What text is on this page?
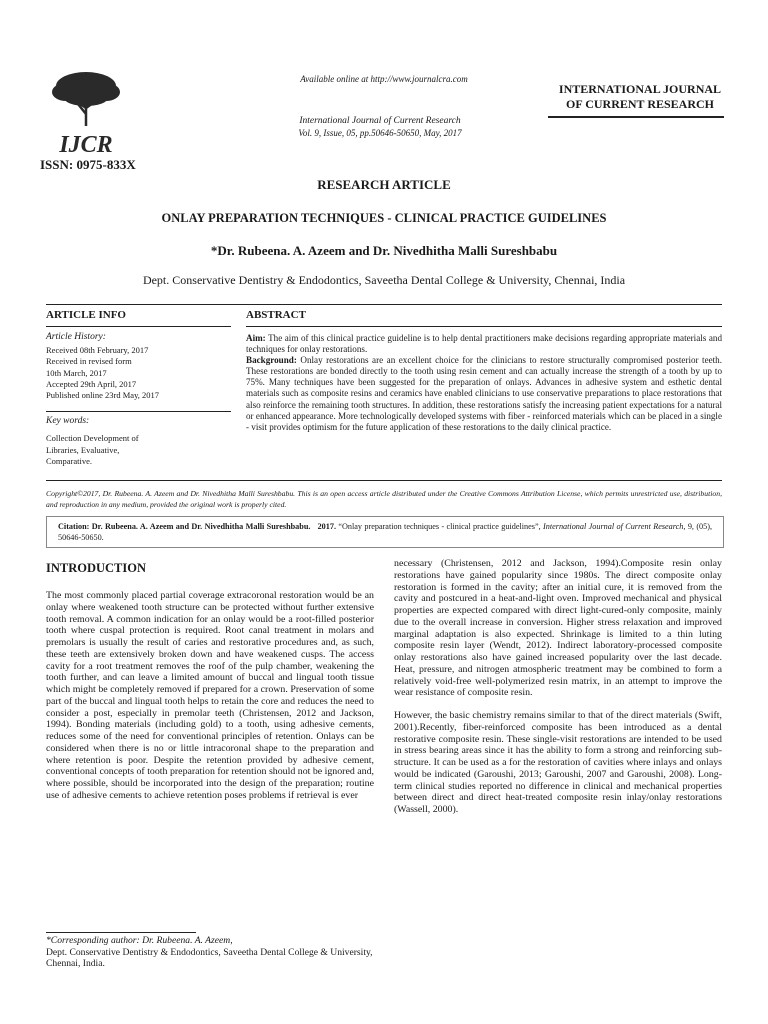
IJCR
ISSN: 0975-833X
Available online at http://www.journalcra.com
International Journal of Current Research
Vol. 9, Issue, 05, pp.50646-50650, May, 2017
INTERNATIONAL JOURNAL
OF CURRENT RESEARCH
RESEARCH ARTICLE
ONLAY PREPARATION TECHNIQUES - CLINICAL PRACTICE GUIDELINES
*Dr. Rubeena. A. Azeem and Dr. Nivedhitha Malli Sureshbabu
Dept. Conservative Dentistry & Endodontics, Saveetha Dental College & University, Chennai, India
ARTICLE INFO	ABSTRACT
Article History:
Received 08th February, 2017
Received in revised form
10th March, 2017
Accepted 29th April, 2017
Published online 23rd May, 2017
Key words:
Collection Development of
Libraries, Evaluative,
Comparative.
Aim: The aim of this clinical practice guideline is to help dental practitioners make decisions regarding appropriate materials and techniques for onlay restorations.
Background: Onlay restorations are an excellent choice for the clinicians to restore structurally compromised posterior teeth. These restorations are bonded directly to the tooth using resin cement and can actually increase the strength of a tooth by up to 75%. Many techniques have been suggested for the preparation of onlays. Advances in adhesive system and esthetic dental materials such as composite resins and ceramics have enabled clinicians to use conservative preparations to place restorations that also reinforce the remaining tooth structures. In addition, these restorations satisfy the increasing patient expectations for a natural or enhanced appearance. More technologically developed systems with fiber - reinforced materials which can be placed in a single - visit provides optimism for the future application of these restorations to the daily clinical practice.
Copyright©2017, Dr. Rubeena. A. Azeem and Dr. Nivedhitha Malli Sureshbabu. This is an open access article distributed under the Creative Commons Attribution License, which permits unrestricted use, distribution, and reproduction in any medium, provided the original work is properly cited.
Citation: Dr. Rubeena. A. Azeem and Dr. Nivedhitha Malli Sureshbabu. 2017. “Onlay preparation techniques - clinical practice guidelines”, International Journal of Current Research, 9, (05), 50646-50650.
INTRODUCTION

The most commonly placed partial coverage extracoronal restoration would be an onlay where weakened tooth structure can be protected without further extensive tooth removal. A common indication for an onlay would be a root-filled posterior tooth where cuspal protection is required. Root canal treatment in molars and premolars is usually the result of caries and restorative procedures and, as such, these teeth are extensively broken down and have weakened cusps. The access cavity for a root treatment removes the roof of the pulp chamber, weakening the tooth further, and can leave a limited amount of buccal and lingual tooth tissue which might be completely removed if prepared for a crown. Preservation of some part of the buccal and lingual tooth helps to retain the core and reduces the need to consider a post, especially in premolar teeth (Christensen, 2012 and Jackson, 1994). Bonding materials (including gold) to a tooth, using adhesive cements, reduces some of the need for conventional principles of retention. Onlays can be considered when there is no or little intracoronal shape to the preparation and where retention is poor. Despite the retention provided by adhesive cement, conventional concepts of tooth preparation for retention should not be ignored and, where possible, should be incorporated into the design of the preparation; routine use of adhesive cements to achieve retention poses problems if retrieval is ever

necessary (Christensen, 2012 and Jackson, 1994).Composite resin onlay restorations have gained popularity since 1980s. The direct composite onlay restoration is formed in the cavity; after an initial cure, it is removed from the cavity and postcured in a heat-and-light oven. Improved mechanical and physical properties are expected compared with direct light-cured-only composite, mainly due to the overall increase in conversion. Higher stress relaxation and improved marginal adaptation is also expected. Shrinkage is limited to a thin luting composite resin layer (Wendt, 2012). Indirect laboratory-processed composite onlay restorations also have gained increased popularity over the last decade. Heat, pressure, and nitrogen atmospheric treatment may be combined to form a relatively void-free well-polymerized resin matrix, in an attempt to improve the wear resistance of composite resin.

However, the basic chemistry remains similar to that of the direct materials (Swift, 2001).Recently, fiber-reinforced composite has been introduced as a dental restorative composite resin. These single-visit restorations are intended to be used in stress bearing areas since it has the ability to form a strong and reinforcing sub-structure. It can be used as a for the restoration of cavities where inlays and onlays would be indicated (Garoushi, 2013; Garoushi, 2007 and Garoushi, 2008). Long-term clinical studies reported no difference in clinical and mechanical properties between direct and direct heat-treated composite resin inlay/onlay restorations (Wassell, 2000).

*Corresponding author: Dr. Rubeena. A. Azeem,
Dept. Conservative Dentistry & Endodontics, Saveetha Dental College & University, Chennai, India.
